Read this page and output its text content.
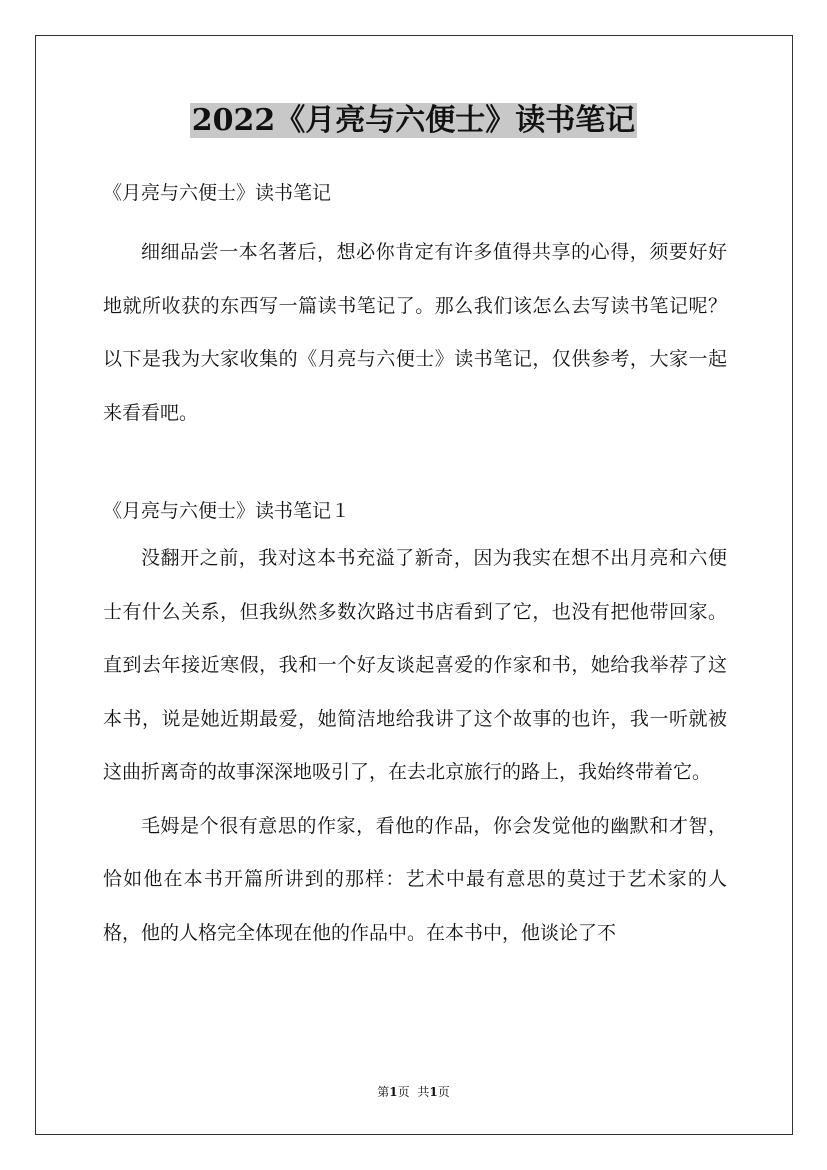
2022《月亮与六便士》读书笔记

《月亮与六便士》读书笔记

细细品尝一本名著后，想必你肯定有许多值得共享的心得，须要好好地就所收获的东西写一篇读书笔记了。那么我们该怎么去写读书笔记呢？以下是我为大家收集的《月亮与六便士》读书笔记，仅供参考，大家一起来看看吧。

《月亮与六便士》读书笔记１

没翻开之前，我对这本书充溢了新奇，因为我实在想不出月亮和六便士有什么关系，但我纵然多数次路过书店看到了它，也没有把他带回家。直到去年接近寒假，我和一个好友谈起喜爱的作家和书，她给我举荐了这本书，说是她近期最爱，她简洁地给我讲了这个故事的也许，我一听就被这曲折离奇的故事深深地吸引了，在去北京旅行的路上，我始终带着它。

毛姆是个很有意思的作家，看他的作品，你会发觉他的幽默和才智，恰如他在本书开篇所讲到的那样：艺术中最有意思的莫过于艺术家的人格，他的人格完全体现在他的作品中。在本书中，他谈论了不

第1页 共1页
